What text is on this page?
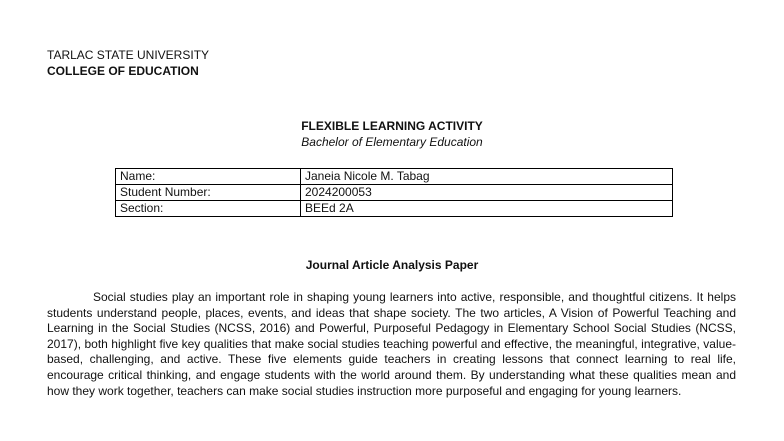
TARLAC STATE UNIVERSITY
COLLEGE OF EDUCATION
FLEXIBLE LEARNING ACTIVITY
Bachelor of Elementary Education
Name:	Janeia Nicole M. Tabag
Student Number:	2024200053
Section:	BEEd 2A
Journal Article Analysis Paper
Social studies play an important role in shaping young learners into active, responsible, and thoughtful citizens. It helps students understand people, places, events, and ideas that shape society. The two articles, A Vision of Powerful Teaching and Learning in the Social Studies (NCSS, 2016) and Powerful, Purposeful Pedagogy in Elementary School Social Studies (NCSS, 2017), both highlight five key qualities that make social studies teaching powerful and effective, the meaningful, integrative, value-based, challenging, and active. These five elements guide teachers in creating lessons that connect learning to real life, encourage critical thinking, and engage students with the world around them. By understanding what these qualities mean and how they work together, teachers can make social studies instruction more purposeful and engaging for young learners.
